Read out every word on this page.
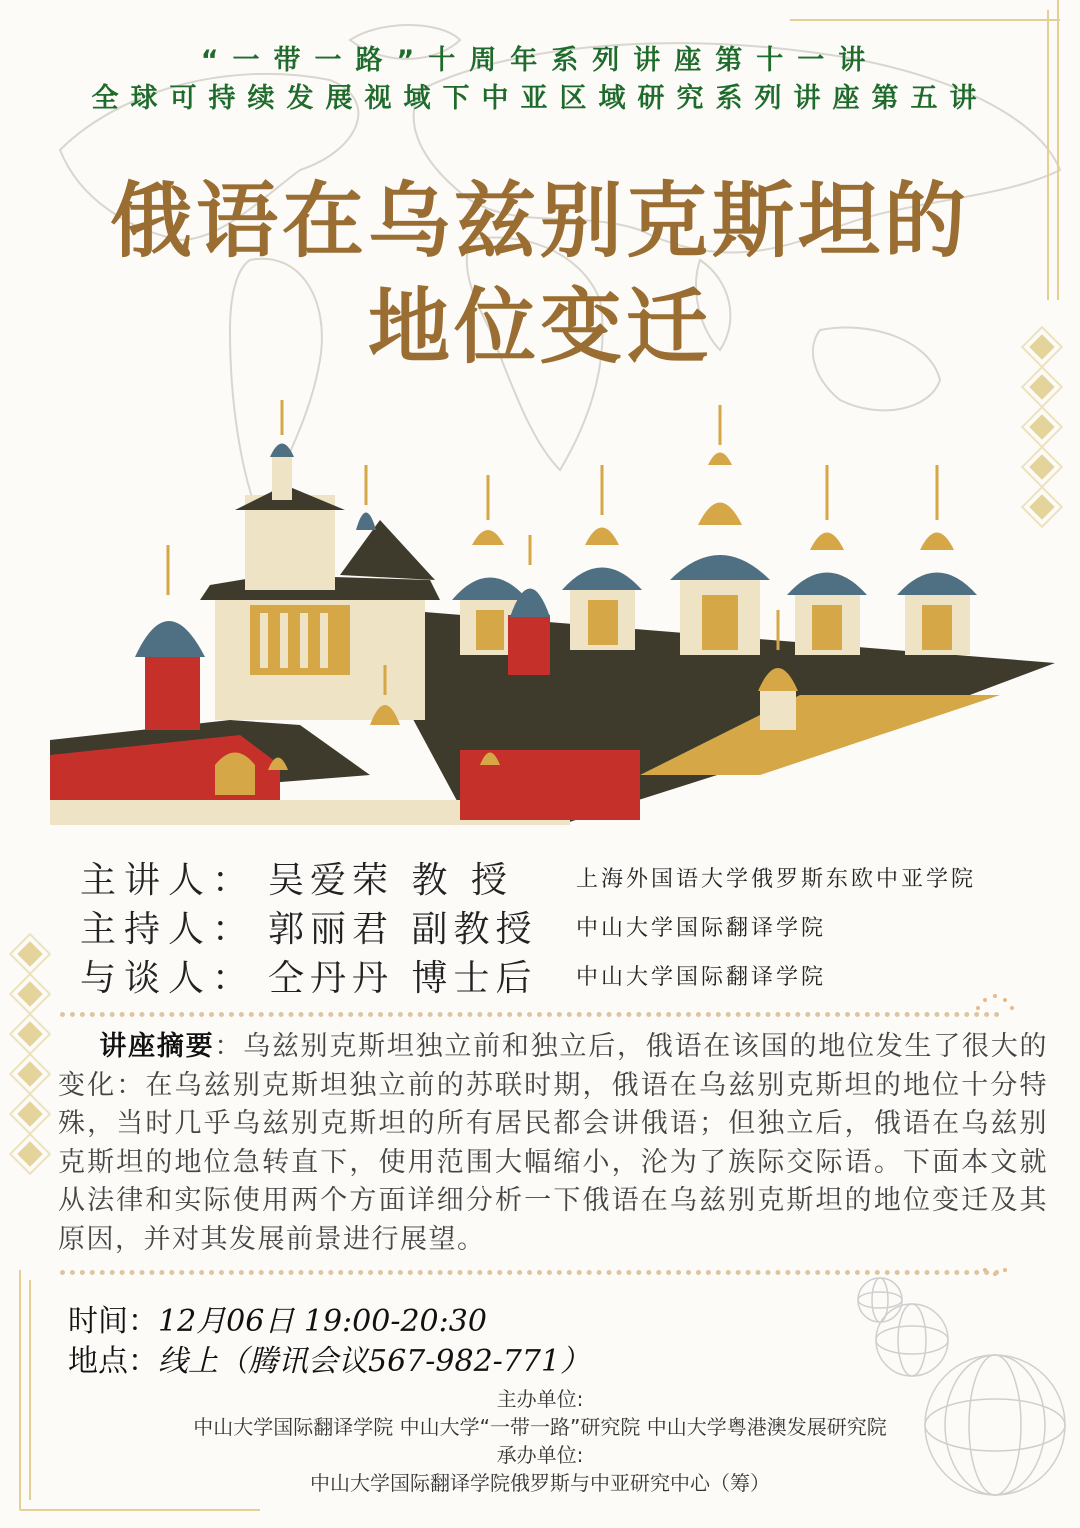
“一带一路”十周年系列讲座第十一讲
全球可持续发展视域下中亚区域研究系列讲座第五讲
俄语在乌兹别克斯坦的
地位变迁
主讲人： 吴爱荣 教 授	上海外国语大学俄罗斯东欧中亚学院
主持人： 郭丽君 副教授 中山大学国际翻译学院
与谈人： 仝丹丹 博士后 中山大学国际翻译学院
讲座摘要：乌兹别克斯坦独立前和独立后，俄语在该国的地位发生了很大的变化：在乌兹别克斯坦独立前的苏联时期，俄语在乌兹别克斯坦的地位十分特殊，当时几乎乌兹别克斯坦的所有居民都会讲俄语；但独立后，俄语在乌兹别克斯坦的地位急转直下，使用范围大幅缩小，沦为了族际交际语。下面本文就从法律和实际使用两个方面详细分析一下俄语在乌兹别克斯坦的地位变迁及其原因，并对其发展前景进行展望。
时间：12月06日 19:00-20:30
地点：线上（腾讯会议567-982-771）
主办单位:
中山大学国际翻译学院 中山大学“一带一路”研究院 中山大学粤港澳发展研究院
承办单位:
中山大学国际翻译学院俄罗斯与中亚研究中心（筹）
